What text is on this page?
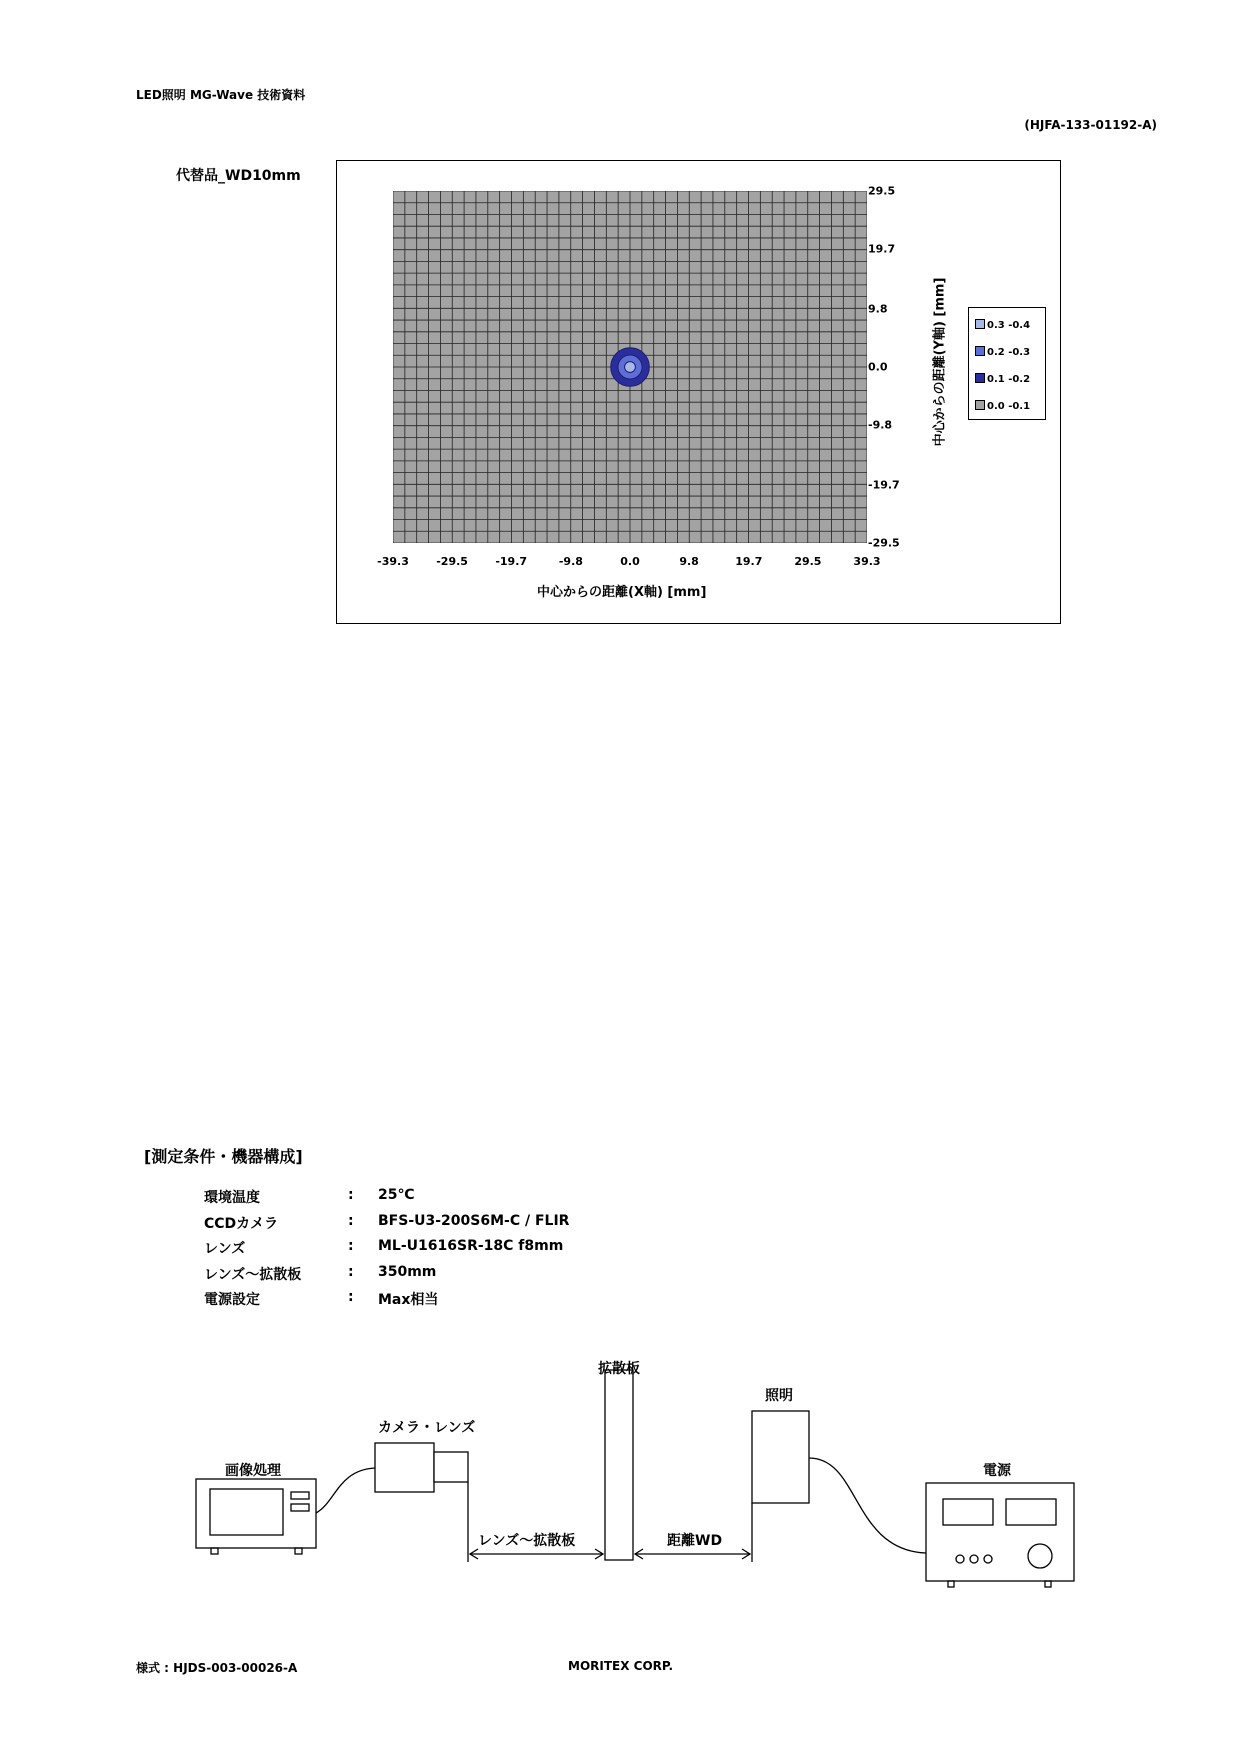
LED照明 MG-Wave 技術資料
(HJFA-133-01192-A)
代替品_WD10mm
-39.3 -29.5 -19.7	-9.8	0.0	9.8	19.7	29.5	39.3
29.5
19.7
9.8
0.0
-9.8
-19.7
-29.5
中心からの距離(X軸) [mm]
中心からの距離(Y軸) [mm]	0.3 -0.4
0.2 -0.3
0.1 -0.2
0.0 -0.1
[測定条件・機器構成]
環境温度	: 25℃
CCDカメラ	: BFS-U3-200S6M-C / FLIR
レンズ	: ML-U1616SR-18C f8mm
レンズ～拡散板	: 350mm
電源設定	: Max相当
画像処理
カメラ・レンズ
拡散板
照明
電源
レンズ～拡散板	距離WD
様式 : HJDS-003-00026-A	MORITEX CORP.
